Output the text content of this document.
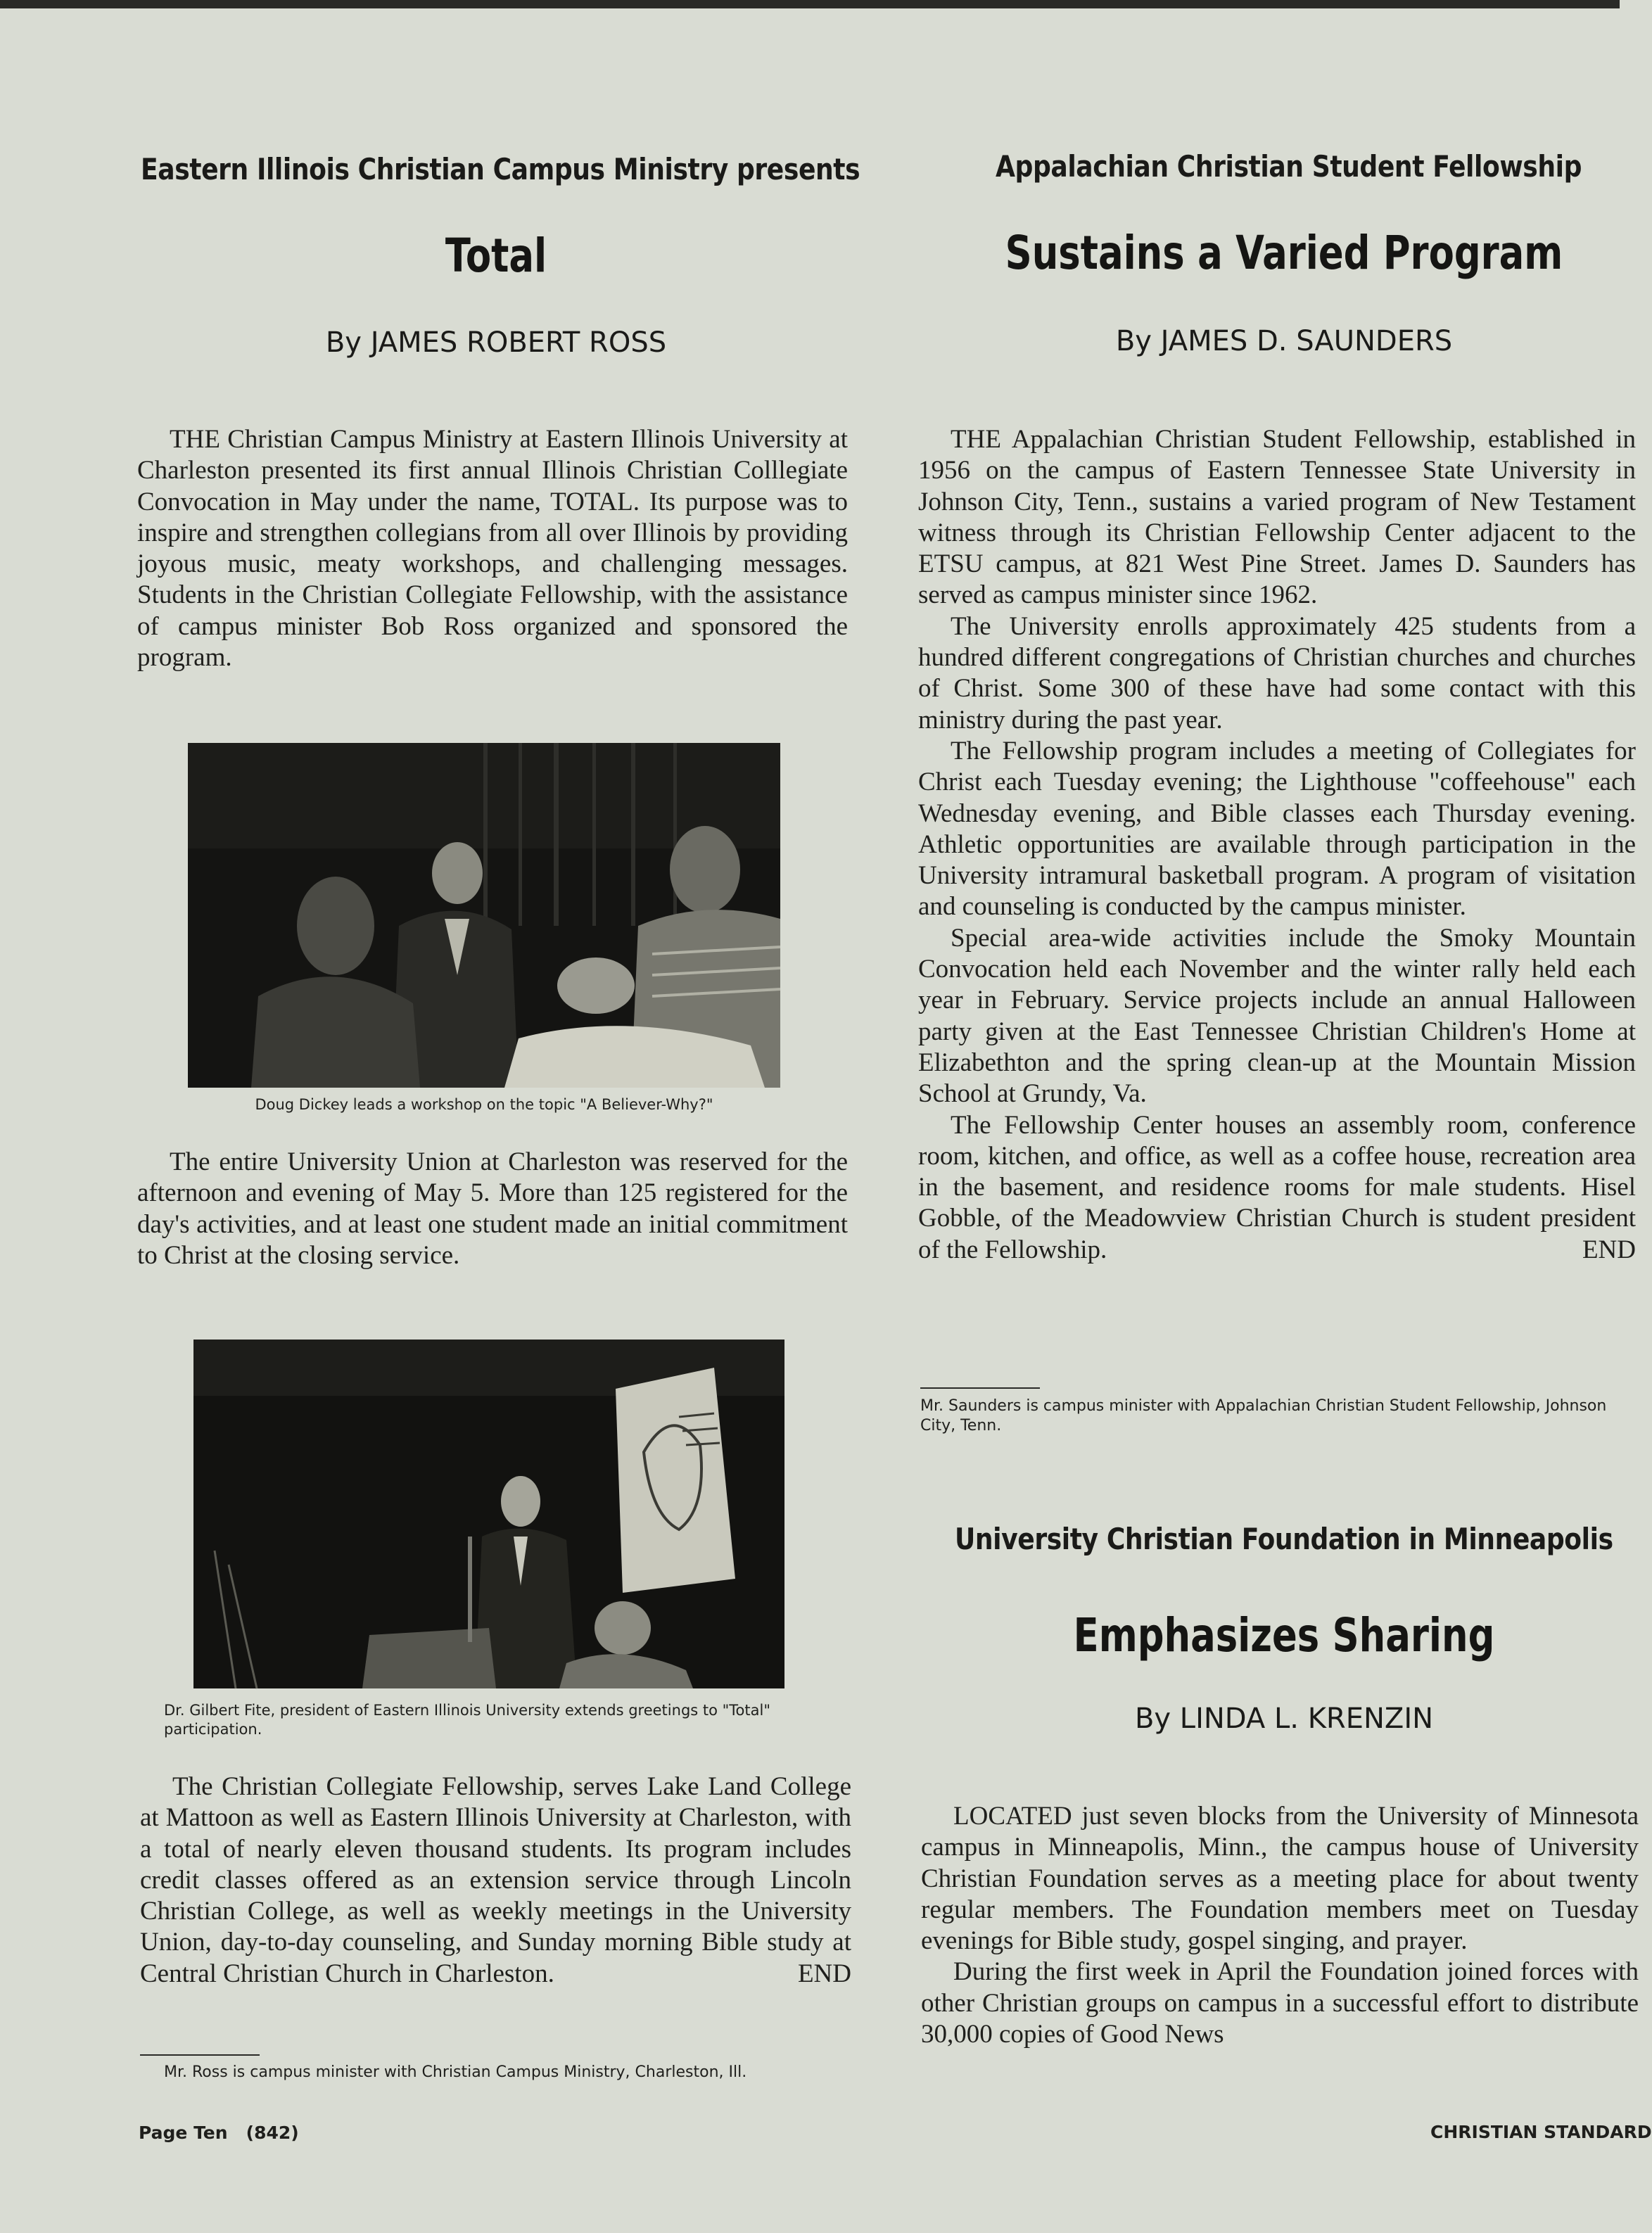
Eastern Illinois Christian Campus Ministry presents
Total
By JAMES ROBERT ROSS

THE Christian Campus Ministry at Eastern Illinois University at Charleston presented its first annual Illinois Christian Colllegiate Convocation in May under the name, TOTAL. Its purpose was to inspire and strengthen collegians from all over Illinois by providing joyous music, meaty workshops, and challenging messages. Students in the Christian Collegiate Fellowship, with the assistance of campus minister Bob Ross organized and sponsored the program.

Doug Dickey leads a workshop on the topic "A Believer-Why?"

The entire University Union at Charleston was reserved for the afternoon and evening of May 5. More than 125 registered for the day's activities, and at least one student made an initial commitment to Christ at the closing service.

Dr. Gilbert Fite, president of Eastern Illinois University extends greetings to "Total" participation.

The Christian Collegiate Fellowship, serves Lake Land College at Mattoon as well as Eastern Illinois University at Charleston, with a total of nearly eleven thousand students. Its program includes credit classes offered as an extension service through Lincoln Christian College, as well as weekly meetings in the University Union, day-to-day counseling, and Sunday morning Bible study at Central Christian Church in Charleston.	END

Mr. Ross is campus minister with Christian Campus Ministry, Charleston, Ill.
Appalachian Christian Student Fellowship
Sustains a Varied Program
By JAMES D. SAUNDERS

THE Appalachian Christian Student Fellowship, established in 1956 on the campus of Eastern Tennessee State University in Johnson City, Tenn., sustains a varied program of New Testament witness through its Christian Fellowship Center adjacent to the ETSU campus, at 821 West Pine Street. James D. Saunders has served as campus minister since 1962.

The University enrolls approximately 425 students from a hundred different congregations of Christian churches and churches of Christ. Some 300 of these have had some contact with this ministry during the past year.

The Fellowship program includes a meeting of Collegiates for Christ each Tuesday evening; the Lighthouse "coffeehouse" each Wednesday evening, and Bible classes each Thursday evening. Athletic opportunities are available through participation in the University intramural basketball program. A program of visitation and counseling is conducted by the campus minister.

Special area-wide activities include the Smoky Mountain Convocation held each November and the winter rally held each year in February. Service projects include an annual Halloween party given at the East Tennessee Christian Children's Home at Elizabethton and the spring clean-up at the Mountain Mission School at Grundy, Va.

The Fellowship Center houses an assembly room, conference room, kitchen, and office, as well as a coffee house, recreation area in the basement, and residence rooms for male students. Hisel Gobble, of the Meadowview Christian Church is student president of the Fellowship.	END

Mr. Saunders is campus minister with Appalachian Christian Student Fellowship, Johnson City, Tenn.
University Christian Foundation in Minneapolis
Emphasizes Sharing
By LINDA L. KRENZIN

LOCATED just seven blocks from the University of Minnesota campus in Minneapolis, Minn., the campus house of University Christian Foundation serves as a meeting place for about twenty regular members. The Foundation members meet on Tuesday evenings for Bible study, gospel singing, and prayer.

During the first week in April the Foundation joined forces with other Christian groups on campus in a successful effort to distribute 30,000 copies of Good News

CHRISTIAN STANDARD
Page Ten   (842)
